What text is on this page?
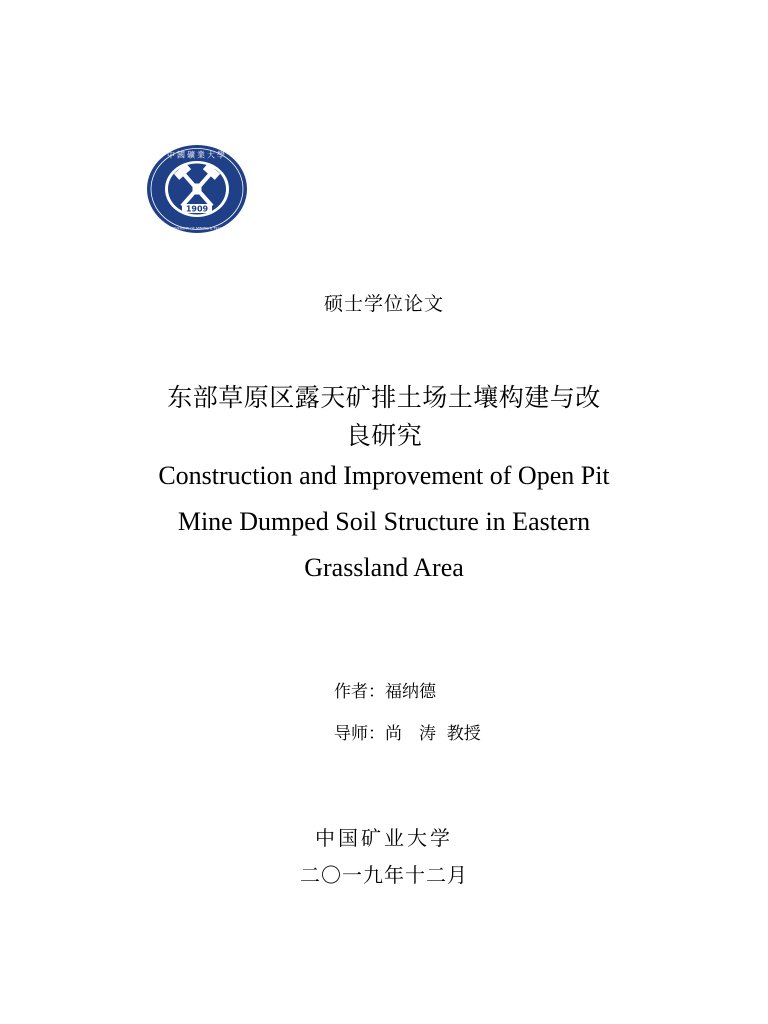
1909
中國礦業大學
CHINA UNIVERSITY OF MINING & TECHNOLOGY
硕士学位论文
东部草原区露天矿排土场土壤构建与改
良研究
Construction and Improvement of Open Pit
Mine Dumped Soil Structure in Eastern
Grassland Area
作者：福纳德
导师：尚　涛  教授
中国矿业大学
二〇一九年十二月
